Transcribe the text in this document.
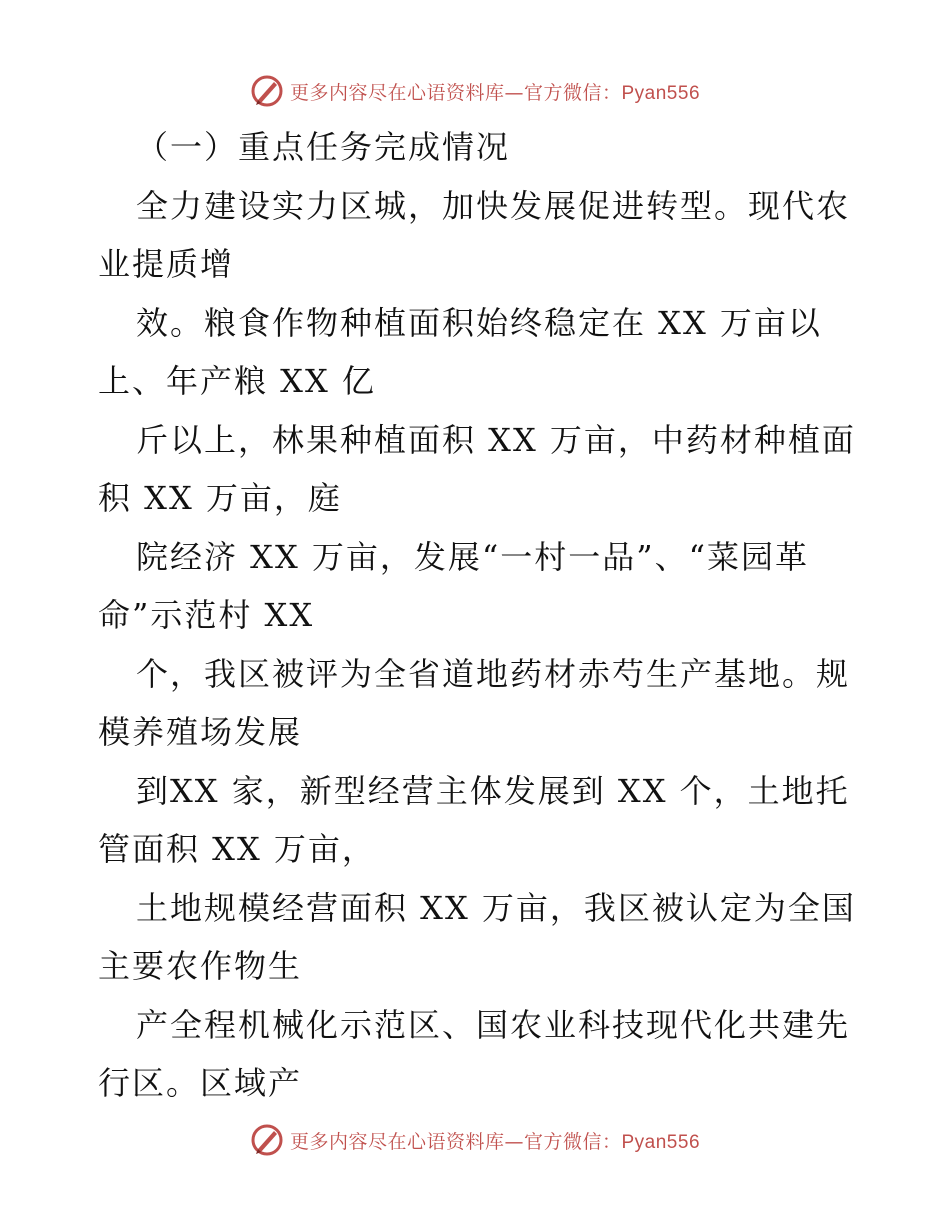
更多内容尽在心语资料库—官方微信：Pyan556
（一）重点任务完成情况
全力建设实力区城，加快发展促进转型。现代农
业提质增
效。粮食作物种植面积始终稳定在 XX 万亩以
上、年产粮 XX 亿
斤以上，林果种植面积 XX 万亩，中药材种植面
积 XX 万亩，庭
院经济 XX 万亩，发展“一村一品”、“菜园革
命”示范村 XX
个，我区被评为全省道地药材赤芍生产基地。规
模养殖场发展
到XX 家，新型经营主体发展到 XX 个，土地托
管面积 XX 万亩，
土地规模经营面积 XX 万亩，我区被认定为全国
主要农作物生
产全程机械化示范区、国农业科技现代化共建先
行区。区域产
更多内容尽在心语资料库—官方微信：Pyan556
